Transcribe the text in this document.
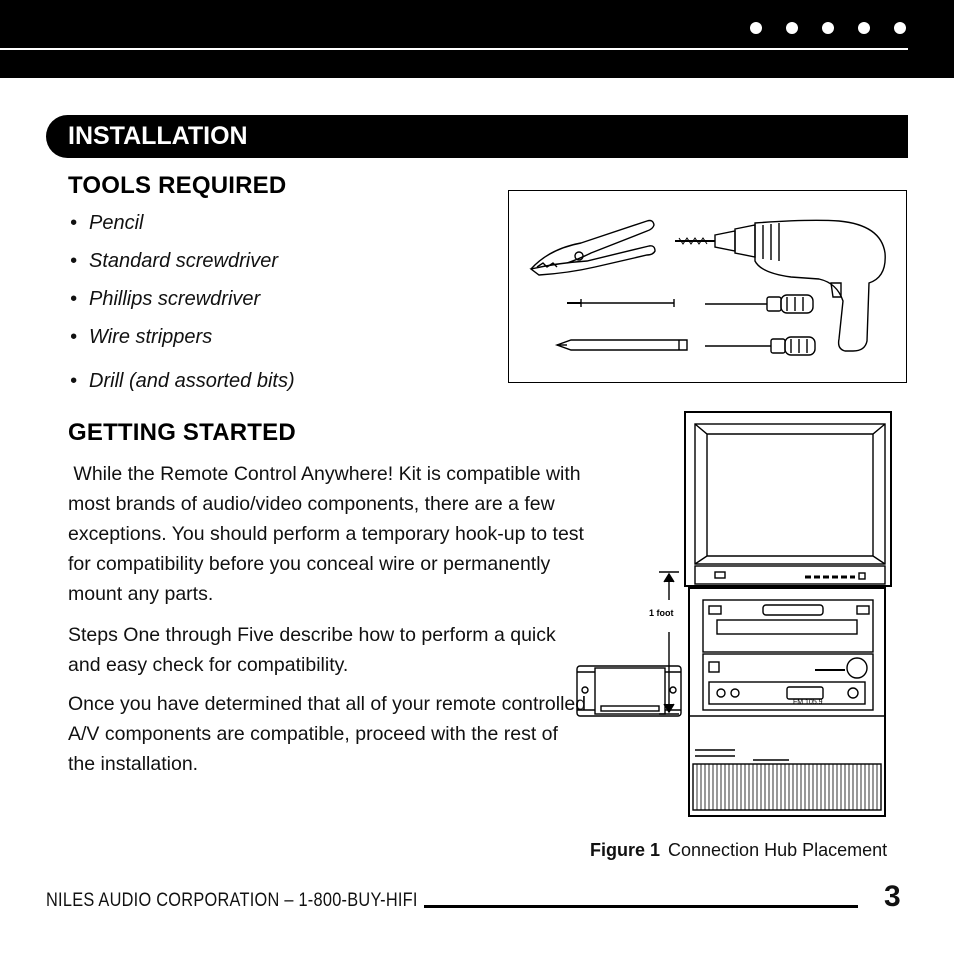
INSTALLATION
TOOLS REQUIRED
• Pencil
• Standard screwdriver
• Phillips screwdriver
• Wire strippers
• Drill (and assorted bits)
GETTING STARTED

While the Remote Control Anywhere! Kit is compatible with most brands of audio/video components, there are a few exceptions. You should perform a temporary hook-up to test for compatibility before you conceal wire or permanently mount any parts.

Steps One through Five describe how to perform a quick and easy check for compatibility.

Once you have determined that all of your remote controlled A/V components are compatible, proceed with the rest of the installation.

1 foot
FM 105.9
Figure 1 Connection Hub Placement
NILES AUDIO CORPORATION – 1-800-BUY-HIFI	3
